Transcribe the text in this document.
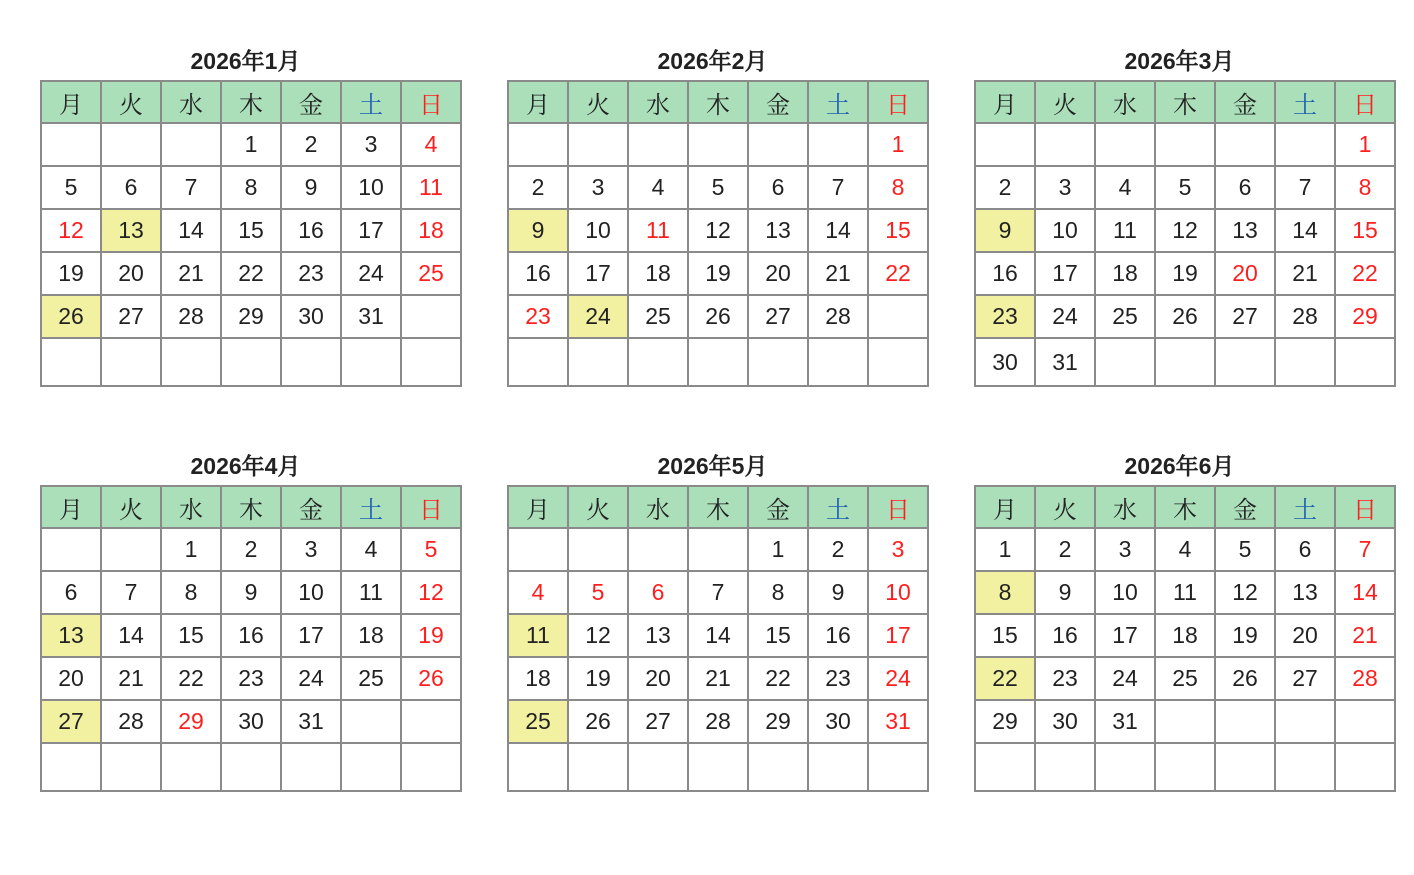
2026年1月
月	火	水	木	金	土	日
			1	2	3	4
5	6	7	8	9	10	11
12	13	14	15	16	17	18
19	20	21	22	23	24	25
26	27	28	29	30	31	

2026年2月
月	火	水	木	金	土	日
						1
2	3	4	5	6	7	8
9	10	11	12	13	14	15
16	17	18	19	20	21	22
23	24	25	26	27	28	

2026年3月
月	火	水	木	金	土	日
						1
2	3	4	5	6	7	8
9	10	11	12	13	14	15
16	17	18	19	20	21	22
23	24	25	26	27	28	29
30	31					
2026年4月
月	火	水	木	金	土	日
		1	2	3	4	5
6	7	8	9	10	11	12
13	14	15	16	17	18	19
20	21	22	23	24	25	26
27	28	29	30	31		

2026年5月
月	火	水	木	金	土	日
				1	2	3
4	5	6	7	8	9	10
11	12	13	14	15	16	17
18	19	20	21	22	23	24
25	26	27	28	29	30	31

2026年6月
月	火	水	木	金	土	日
1	2	3	4	5	6	7
8	9	10	11	12	13	14
15	16	17	18	19	20	21
22	23	24	25	26	27	28
29	30	31				
